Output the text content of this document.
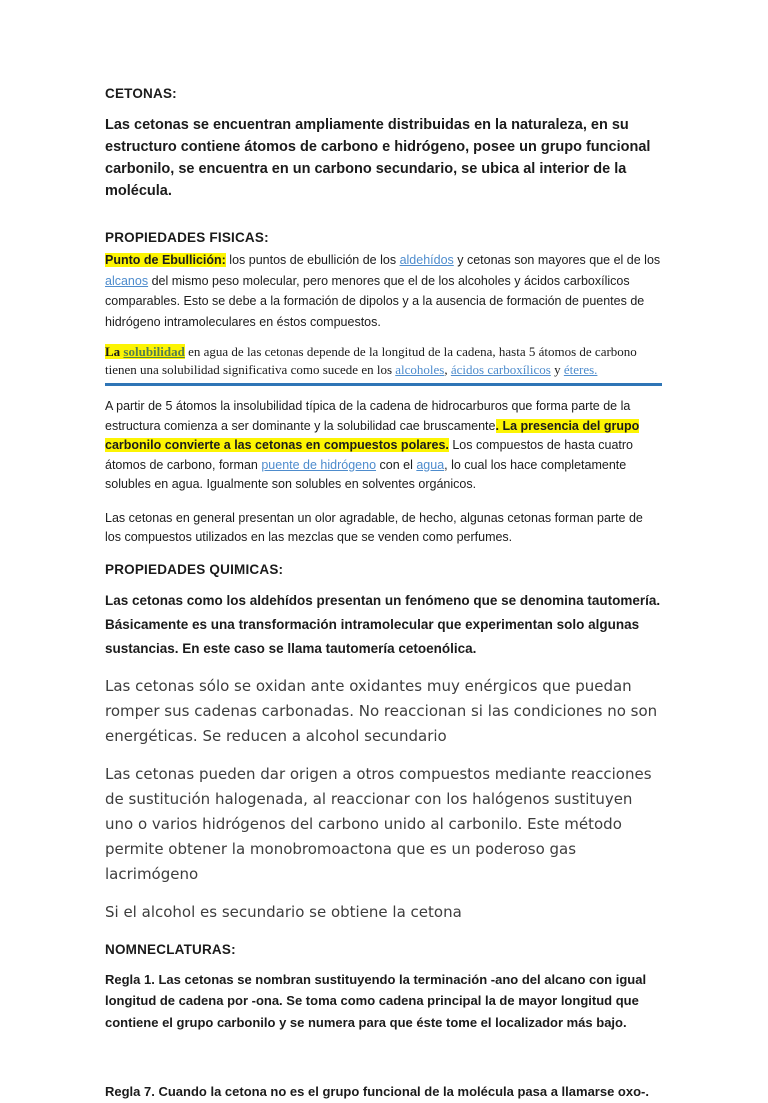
CETONAS:

Las cetonas se encuentran ampliamente distribuidas en la naturaleza, en su estructuro contiene átomos de carbono e hidrógeno, posee un grupo funcional carbonilo, se encuentra en un carbono secundario, se ubica al interior de la molécula.

PROPIEDADES FISICAS:

Punto de Ebullición: los puntos de ebullición de los aldehídos y cetonas son mayores que el de los alcanos del mismo peso molecular, pero menores que el de los alcoholes y ácidos carboxílicos comparables. Esto se debe a la formación de dipolos y a la ausencia de formación de puentes de hidrógeno intramoleculares en éstos compuestos.

La solubilidad en agua de las cetonas depende de la longitud de la cadena, hasta 5 átomos de carbono tienen una solubilidad significativa como sucede en los alcoholes, ácidos carboxílicos y éteres.

A partir de 5 átomos la insolubilidad típica de la cadena de hidrocarburos que forma parte de la estructura comienza a ser dominante y la solubilidad cae bruscamente. La presencia del grupo carbonilo convierte a las cetonas en compuestos polares. Los compuestos de hasta cuatro átomos de carbono, forman puente de hidrógeno con el agua, lo cual los hace completamente solubles en agua. Igualmente son solubles en solventes orgánicos.

Las cetonas en general presentan un olor agradable, de hecho, algunas cetonas forman parte de los compuestos utilizados en las mezclas que se venden como perfumes.

PROPIEDADES QUIMICAS:

Las cetonas como los aldehídos presentan un fenómeno que se denomina tautomería. Básicamente es una transformación intramolecular que experimentan solo algunas sustancias. En este caso se llama tautomería cetoenólica.

Las cetonas sólo se oxidan ante oxidantes muy enérgicos que puedan romper sus cadenas carbonadas. No reaccionan si las condiciones no son energéticas. Se reducen a alcohol secundario

Las cetonas pueden dar origen a otros compuestos mediante reacciones de sustitución halogenada, al reaccionar con los halógenos sustituyen uno o varios hidrógenos del carbono unido al carbonilo. Este método permite obtener la monobromoactona que es un poderoso gas lacrimógeno

Si el alcohol es secundario se obtiene la cetona

NOMNECLATURAS:

Regla 1. Las cetonas se nombran sustituyendo la terminación -ano del alcano con igual longitud de cadena por -ona. Se toma como cadena principal la de mayor longitud que contiene el grupo carbonilo y se numera para que éste tome el localizador más bajo.

Regla 7. Cuando la cetona no es el grupo funcional de la molécula pasa a llamarse oxo-.
